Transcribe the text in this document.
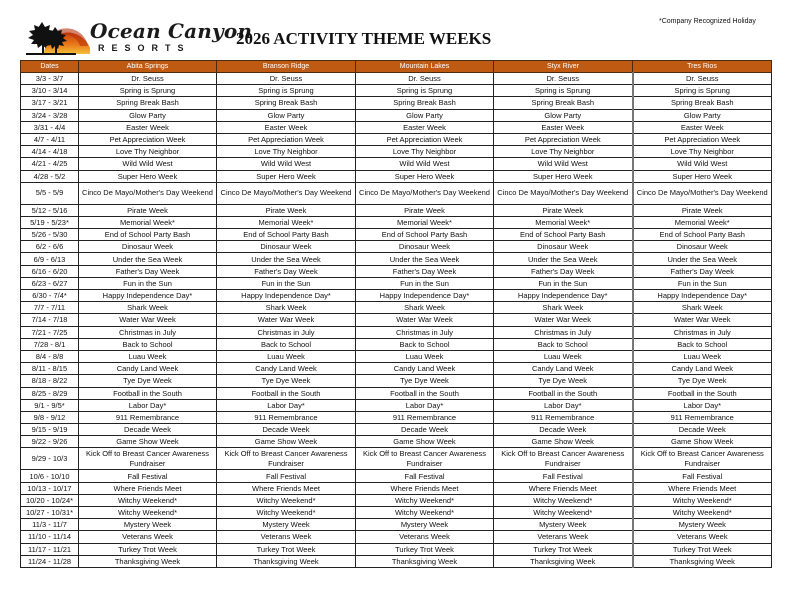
Ocean Canyon
RESORTS	2026 ACTIVITY THEME WEEKS
*Company Recognized Holiday
Dates	Abita Springs	Branson Ridge	Mountain Lakes	Styx River	Tres Rios
3/3 - 3/7	Dr. Seuss	Dr. Seuss	Dr. Seuss	Dr. Seuss	Dr. Seuss
3/10 - 3/14	Spring is Sprung	Spring is Sprung	Spring is Sprung	Spring is Sprung	Spring is Sprung
3/17 - 3/21	Spring Break Bash	Spring Break Bash	Spring Break Bash	Spring Break Bash	Spring Break Bash
3/24 - 3/28	Glow Party	Glow Party	Glow Party	Glow Party	Glow Party
3/31 - 4/4	Easter Week	Easter Week	Easter Week	Easter Week	Easter Week
4/7 - 4/11	Pet Appreciation Week	Pet Appreciation Week	Pet Appreciation Week	Pet Appreciation Week	Pet Appreciation Week
4/14 - 4/18	Love Thy Neighbor	Love Thy Neighbor	Love Thy Neighbor	Love Thy Neighbor	Love Thy Neighbor
4/21 - 4/25	Wild Wild West	Wild Wild West	Wild Wild West	Wild Wild West	Wild Wild West
4/28 - 5/2	Super Hero Week	Super Hero Week	Super Hero Week	Super Hero Week	Super Hero Week
5/5 - 5/9	Cinco De Mayo/Mother's Day Weekend	Cinco De Mayo/Mother's Day Weekend	Cinco De Mayo/Mother's Day Weekend	Cinco De Mayo/Mother's Day Weekend	Cinco De Mayo/Mother's Day Weekend
5/12 - 5/16	Pirate Week	Pirate Week	Pirate Week	Pirate Week	Pirate Week
5/19 - 5/23*	Memorial Week*	Memorial Week*	Memorial Week*	Memorial Week*	Memorial Week*
5/26 - 5/30	End of School Party Bash	End of School Party Bash	End of School Party Bash	End of School Party Bash	End of School Party Bash
6/2 - 6/6	Dinosaur Week	Dinosaur Week	Dinosaur Week	Dinosaur Week	Dinosaur Week
6/9 - 6/13	Under the Sea Week	Under the Sea Week	Under the Sea Week	Under the Sea Week	Under the Sea Week
6/16 - 6/20	Father's Day Week	Father's Day Week	Father's Day Week	Father's Day Week	Father's Day Week
6/23 - 6/27	Fun in the Sun	Fun in the Sun	Fun in the Sun	Fun in the Sun	Fun in the Sun
6/30 - 7/4*	Happy Independence Day*	Happy Independence Day*	Happy Independence Day*	Happy Independence Day*	Happy Independence Day*
7/7 - 7/11	Shark Week	Shark Week	Shark Week	Shark Week	Shark Week
7/14 - 7/18	Water War Week	Water War Week	Water War Week	Water War Week	Water War Week
7/21 - 7/25	Christmas in July	Christmas in July	Christmas in July	Christmas in July	Christmas in July
7/28 - 8/1	Back to School	Back to School	Back to School	Back to School	Back to School
8/4 - 8/8	Luau Week	Luau Week	Luau Week	Luau Week	Luau Week
8/11 - 8/15	Candy Land Week	Candy Land Week	Candy Land Week	Candy Land Week	Candy Land Week
8/18 - 8/22	Tye Dye Week	Tye Dye Week	Tye Dye Week	Tye Dye Week	Tye Dye Week
8/25 - 8/29	Football in the South	Football in the South	Football in the South	Football in the South	Football in the South
9/1 - 9/5*	Labor Day*	Labor Day*	Labor Day*	Labor Day*	Labor Day*
9/8 - 9/12	911 Remembrance	911 Remembrance	911 Remembrance	911 Remembrance	911 Remembrance
9/15 - 9/19	Decade Week	Decade Week	Decade Week	Decade Week	Decade Week
9/22 - 9/26	Game Show Week	Game Show Week	Game Show Week	Game Show Week	Game Show Week
9/29 - 10/3	Kick Off to Breast Cancer Awareness Fundraiser	Kick Off to Breast Cancer Awareness Fundraiser	Kick Off to Breast Cancer Awareness Fundraiser	Kick Off to Breast Cancer Awareness Fundraiser	Kick Off to Breast Cancer Awareness Fundraiser
10/6 - 10/10	Fall Festival	Fall Festival	Fall Festival	Fall Festival	Fall Festival
10/13 - 10/17	Where Friends Meet	Where Friends Meet	Where Friends Meet	Where Friends Meet	Where Friends Meet
10/20 - 10/24*	Witchy Weekend*	Witchy Weekend*	Witchy Weekend*	Witchy Weekend*	Witchy Weekend*
10/27 - 10/31*	Witchy Weekend*	Witchy Weekend*	Witchy Weekend*	Witchy Weekend*	Witchy Weekend*
11/3 - 11/7	Mystery Week	Mystery Week	Mystery Week	Mystery Week	Mystery Week
11/10 - 11/14	Veterans Week	Veterans Week	Veterans Week	Veterans Week	Veterans Week
11/17 - 11/21	Turkey Trot Week	Turkey Trot Week	Turkey Trot Week	Turkey Trot Week	Turkey Trot Week
11/24 - 11/28	Thanksgiving Week	Thanksgiving Week	Thanksgiving Week	Thanksgiving Week	Thanksgiving Week
